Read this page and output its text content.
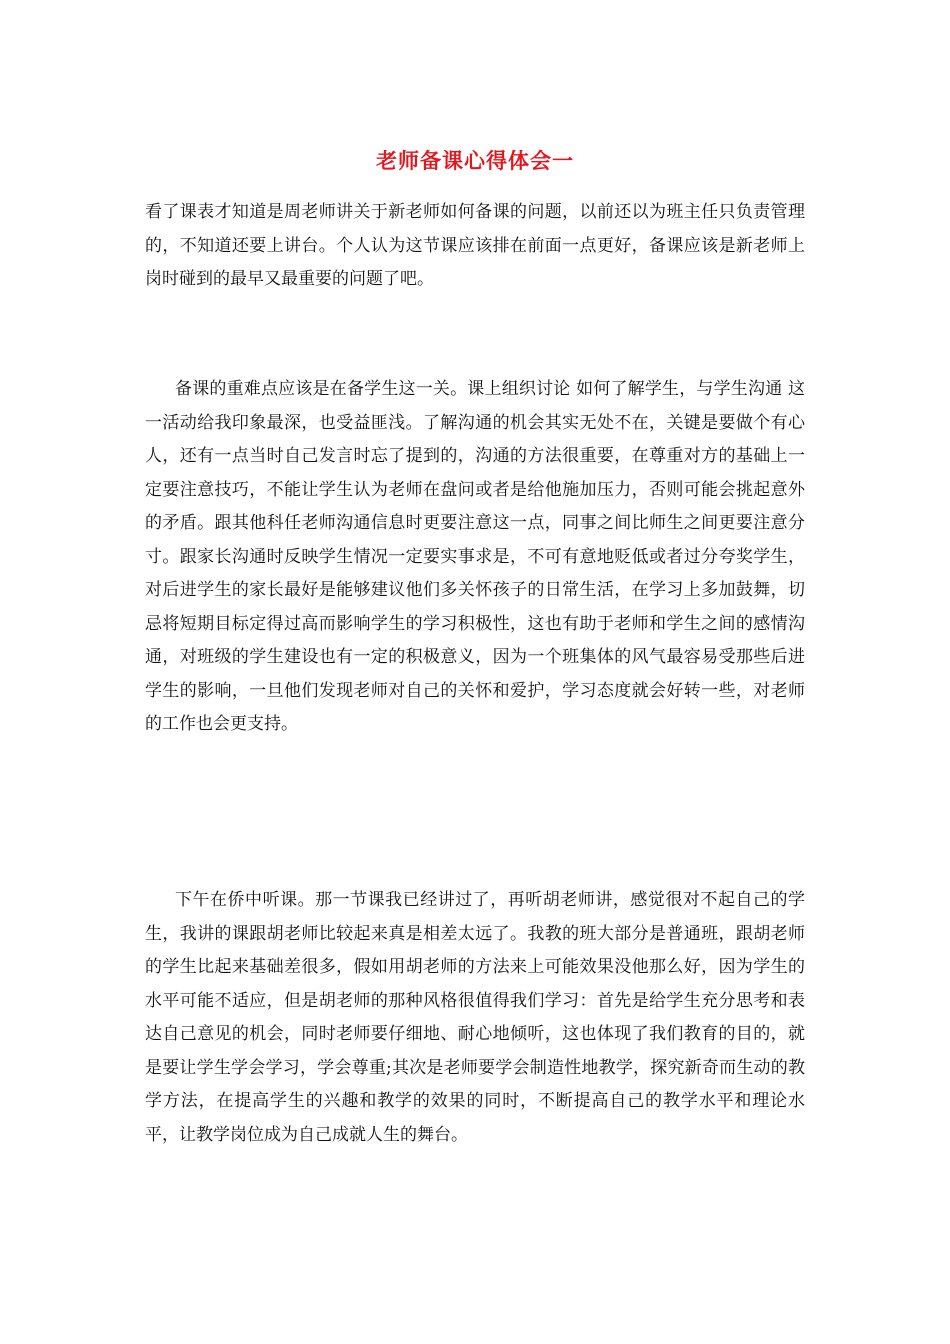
老师备课心得体会一

看了课表才知道是周老师讲关于新老师如何备课的问题，以前还以为班主任只负责管理的，不知道还要上讲台。个人认为这节课应该排在前面一点更好，备课应该是新老师上岗时碰到的最早又最重要的问题了吧。

备课的重难点应该是在备学生这一关。课上组织讨论 如何了解学生，与学生沟通 这一活动给我印象最深，也受益匪浅。了解沟通的机会其实无处不在，关键是要做个有心人，还有一点当时自己发言时忘了提到的，沟通的方法很重要，在尊重对方的基础上一定要注意技巧，不能让学生认为老师在盘问或者是给他施加压力，否则可能会挑起意外的矛盾。跟其他科任老师沟通信息时更要注意这一点，同事之间比师生之间更要注意分寸。跟家长沟通时反映学生情况一定要实事求是，不可有意地贬低或者过分夸奖学生，对后进学生的家长最好是能够建议他们多关怀孩子的日常生活，在学习上多加鼓舞，切忌将短期目标定得过高而影响学生的学习积极性，这也有助于老师和学生之间的感情沟通，对班级的学生建设也有一定的积极意义，因为一个班集体的风气最容易受那些后进学生的影响，一旦他们发现老师对自己的关怀和爱护，学习态度就会好转一些，对老师的工作也会更支持。

下午在侨中听课。那一节课我已经讲过了，再听胡老师讲，感觉很对不起自己的学生，我讲的课跟胡老师比较起来真是相差太远了。我教的班大部分是普通班，跟胡老师的学生比起来基础差很多，假如用胡老师的方法来上可能效果没他那么好，因为学生的水平可能不适应，但是胡老师的那种风格很值得我们学习：首先是给学生充分思考和表达自己意见的机会，同时老师要仔细地、耐心地倾听，这也体现了我们教育的目的，就是要让学生学会学习，学会尊重;其次是老师要学会制造性地教学，探究新奇而生动的教学方法，在提高学生的兴趣和教学的效果的同时，不断提高自己的教学水平和理论水平，让教学岗位成为自己成就人生的舞台。
